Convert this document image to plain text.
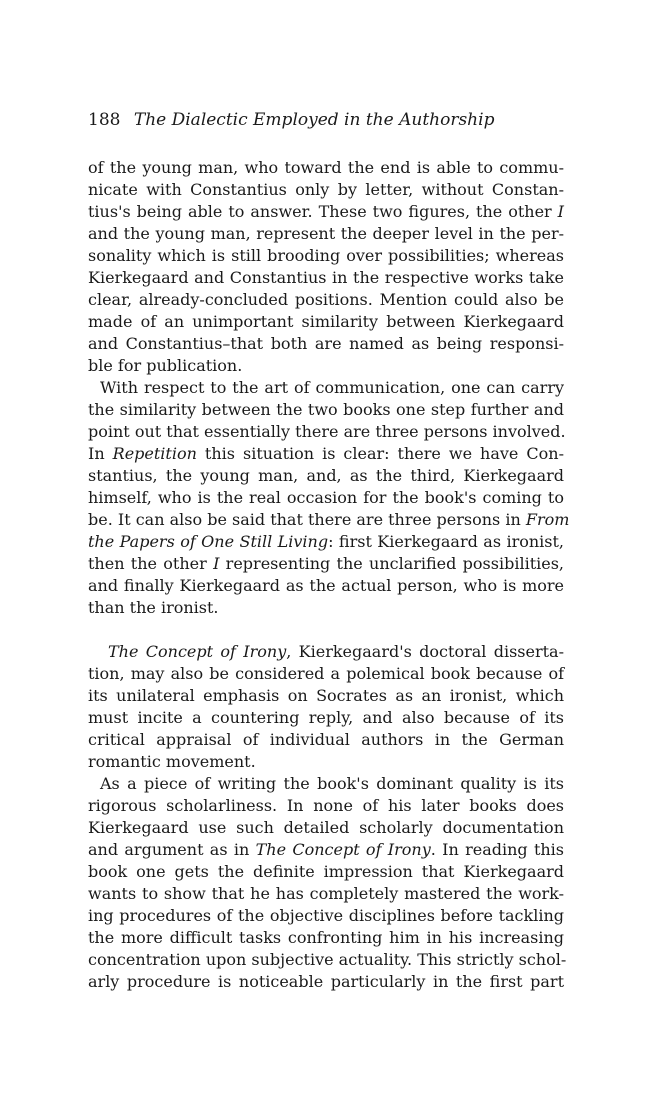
188 The Dialectic Employed in the Authorship
of the young man, who toward the end is able to commu-
nicate with Constantius only by letter, without Constan-
tius's being able to answer. These two figures, the other I
and the young man, represent the deeper level in the per-
sonality which is still brooding over possibilities; whereas
Kierkegaard and Constantius in the respective works take
clear, already-concluded positions. Mention could also be
made of an unimportant similarity between Kierkegaard
and Constantius–that both are named as being responsi-
ble for publication.
With respect to the art of communication, one can carry
the similarity between the two books one step further and
point out that essentially there are three persons involved.
In Repetition this situation is clear: there we have Con-
stantius, the young man, and, as the third, Kierkegaard
himself, who is the real occasion for the book's coming to
be. It can also be said that there are three persons in From
the Papers of One Still Living: first Kierkegaard as ironist,
then the other I representing the unclarified possibilities,
and finally Kierkegaard as the actual person, who is more
than the ironist.
The Concept of Irony, Kierkegaard's doctoral disserta-
tion, may also be considered a polemical book because of
its unilateral emphasis on Socrates as an ironist, which
must incite a countering reply, and also because of its
critical appraisal of individual authors in the German
romantic movement.
As a piece of writing the book's dominant quality is its
rigorous scholarliness. In none of his later books does
Kierkegaard use such detailed scholarly documentation
and argument as in The Concept of Irony. In reading this
book one gets the definite impression that Kierkegaard
wants to show that he has completely mastered the work-
ing procedures of the objective disciplines before tackling
the more difficult tasks confronting him in his increasing
concentration upon subjective actuality. This strictly schol-
arly procedure is noticeable particularly in the first part
